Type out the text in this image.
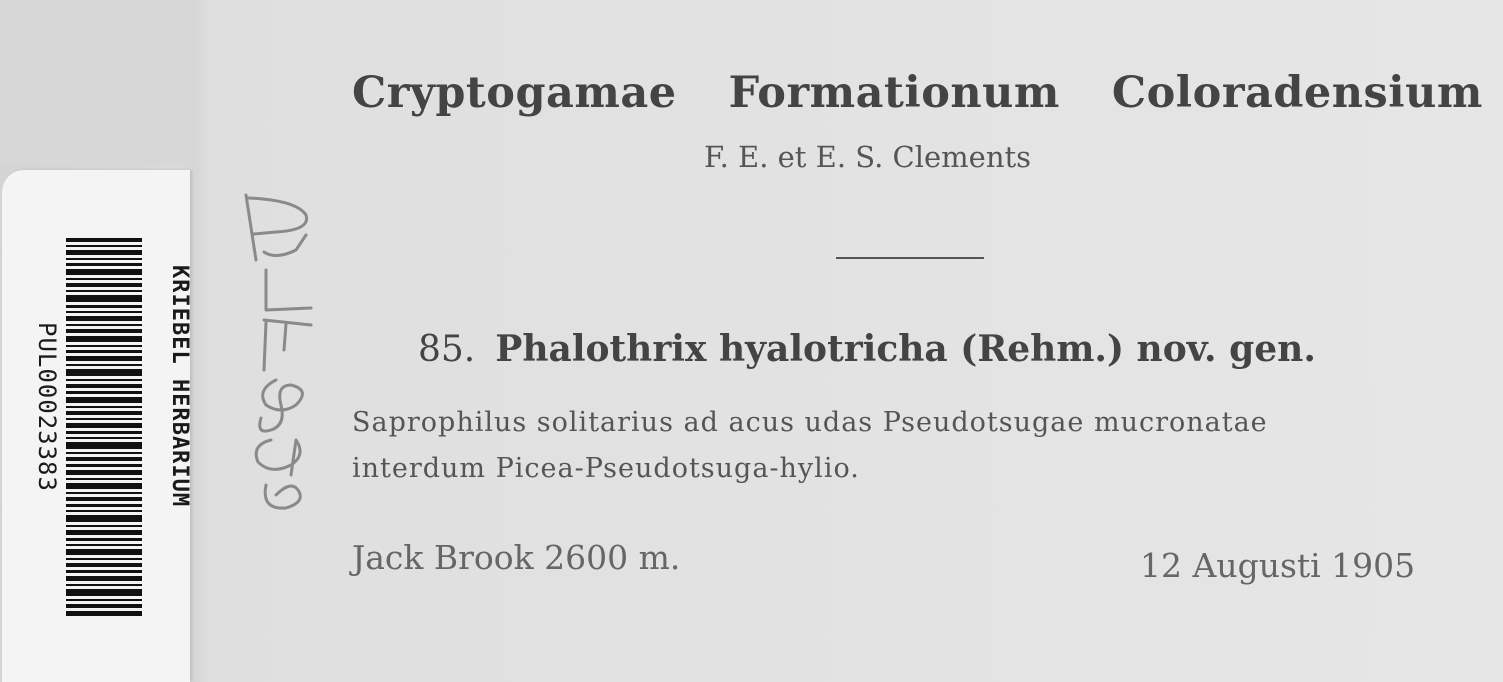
PUL00023383	KRIEBEL HERBARIUM
Cryptogamae Formationum Coloradensium
F. E. et E. S. Clements
85. Phalothrix hyalotricha (Rehm.) nov. gen.
Saprophilus solitarius ad acus udas Pseudotsugae mucronatae
interdum Picea-Pseudotsuga-hylio.
Jack Brook 2600 m.	12 Augusti 1905
